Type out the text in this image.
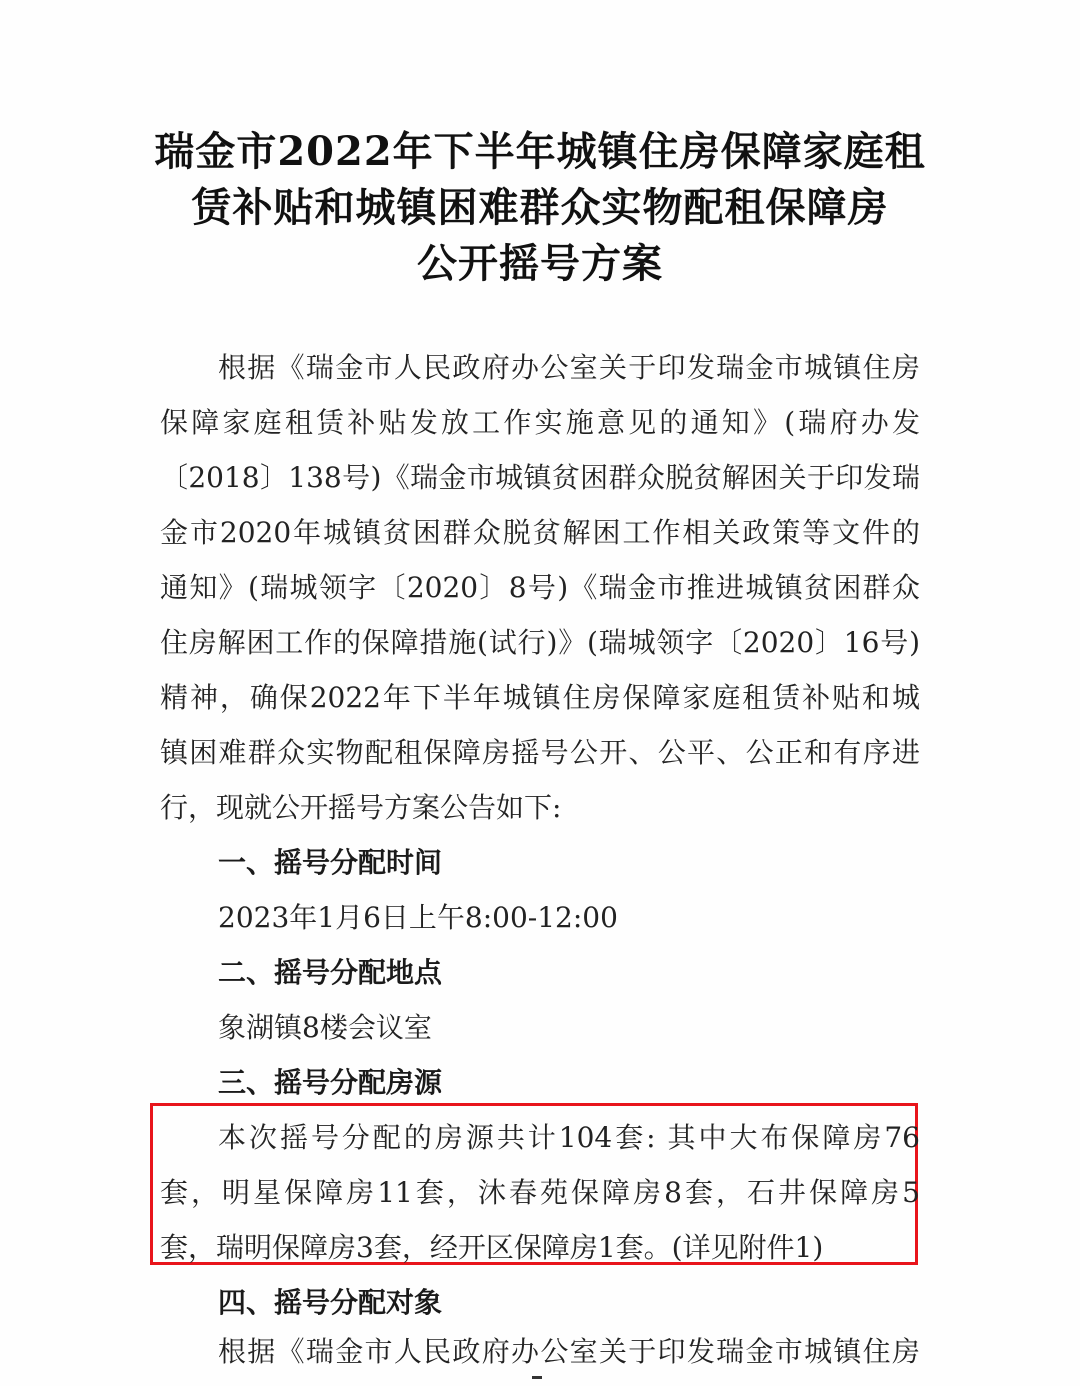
瑞金市2022年下半年城镇住房保障家庭租
赁补贴和城镇困难群众实物配租保障房
公开摇号方案
根据《瑞金市人民政府办公室关于印发瑞金市城镇住房
保障家庭租赁补贴发放工作实施意见的通知》(瑞府办发
〔2018〕138号)《瑞金市城镇贫困群众脱贫解困关于印发瑞
金市2020年城镇贫困群众脱贫解困工作相关政策等文件的
通知》(瑞城领字〔2020〕8号)《瑞金市推进城镇贫困群众
住房解困工作的保障措施(试行)》(瑞城领字〔2020〕16号)
精神，确保2022年下半年城镇住房保障家庭租赁补贴和城
镇困难群众实物配租保障房摇号公开、公平、公正和有序进
行，现就公开摇号方案公告如下:
一、摇号分配时间
2023年1月6日上午8:00-12:00
二、摇号分配地点
象湖镇8楼会议室
三、摇号分配房源
本次摇号分配的房源共计104套: 其中大布保障房76
套，明星保障房11套，沐春苑保障房8套，石井保障房5
套，瑞明保障房3套，经开区保障房1套。(详见附件1)
四、摇号分配对象
根据《瑞金市人民政府办公室关于印发瑞金市城镇住房
